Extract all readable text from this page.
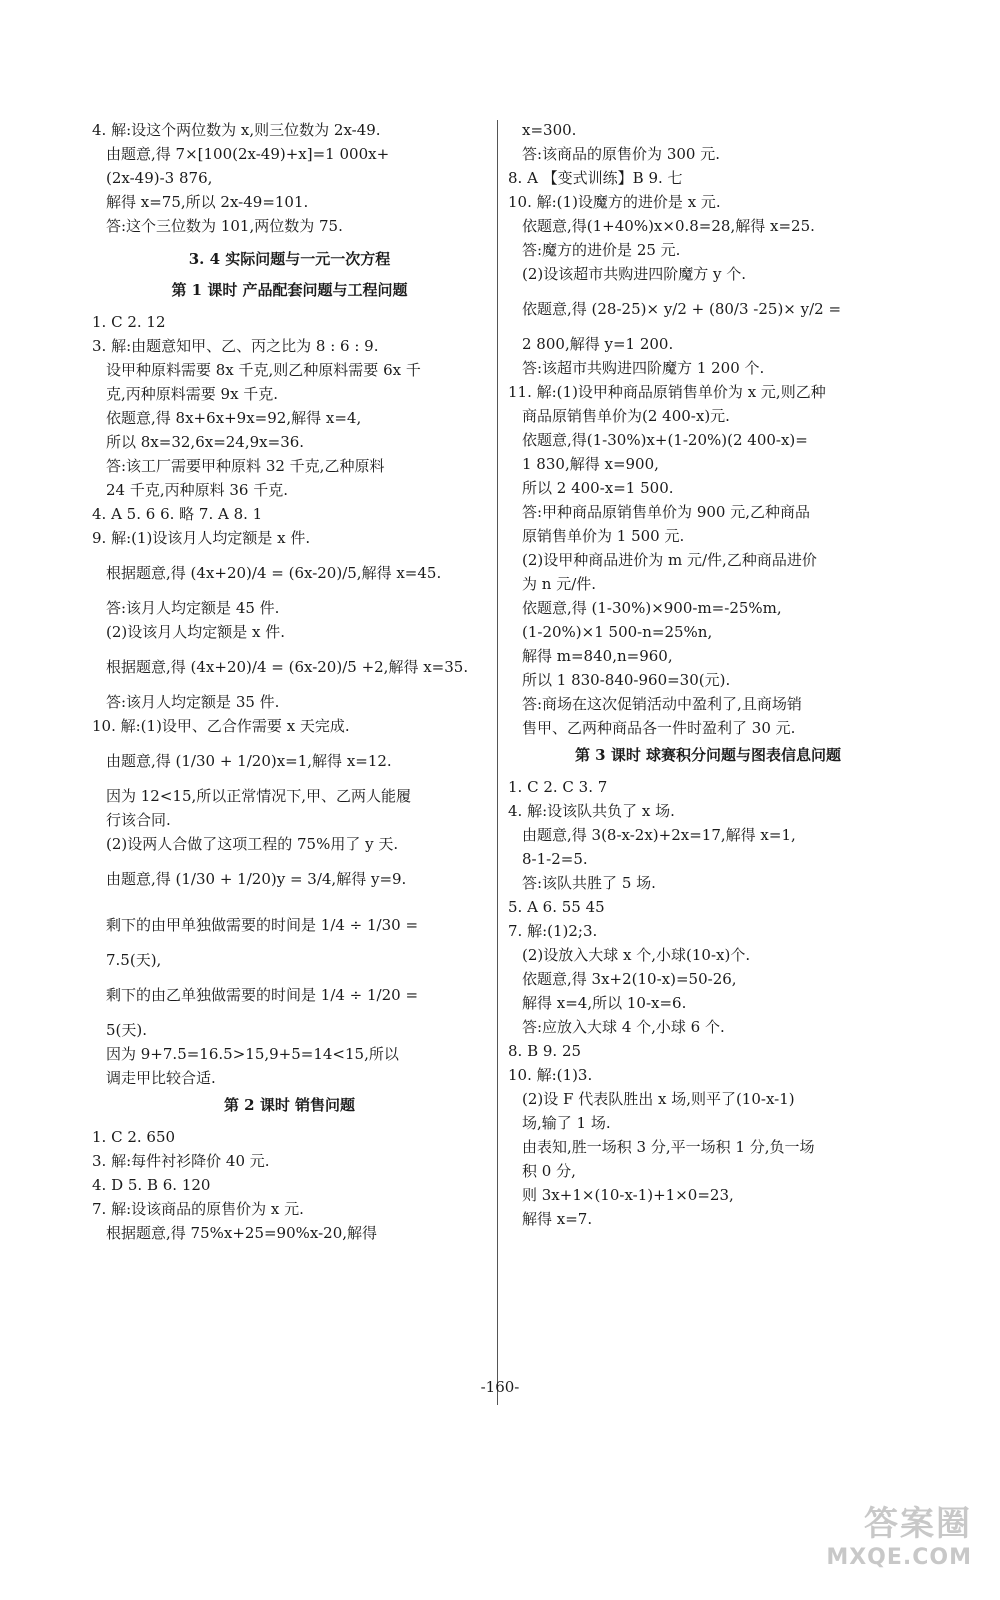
4. 解:设这个两位数为 x,则三位数为 2x-49.
由题意,得 7×[100(2x-49)+x]=1 000x+
(2x-49)-3 876,
解得 x=75,所以 2x-49=101.
答:这个三位数为 101,两位数为 75.
3. 4 实际问题与一元一次方程
第 1 课时 产品配套问题与工程问题
1. C 2. 12
3. 解:由题意知甲、乙、丙之比为 8 : 6 : 9.
设甲种原料需要 8x 千克,则乙种原料需要 6x 千
克,丙种原料需要 9x 千克.
依题意,得 8x+6x+9x=92,解得 x=4,
所以 8x=32,6x=24,9x=36.
答:该工厂需要甲种原料 32 千克,乙种原料
24 千克,丙种原料 36 千克.
4. A 5. 6 6. 略 7. A 8. 1
9. 解:(1)设该月人均定额是 x 件.
根据题意,得 (4x+20)/4 = (6x-20)/5,解得 x=45.
答:该月人均定额是 45 件.
(2)设该月人均定额是 x 件.
根据题意,得 (4x+20)/4 = (6x-20)/5 +2,解得 x=35.
答:该月人均定额是 35 件.
10. 解:(1)设甲、乙合作需要 x 天完成.
由题意,得 (1/30 + 1/20)x=1,解得 x=12.
因为 12<15,所以正常情况下,甲、乙两人能履
行该合同.
(2)设两人合做了这项工程的 75%用了 y 天.
由题意,得 (1/30 + 1/20)y = 3/4,解得 y=9.
剩下的由甲单独做需要的时间是 1/4 ÷ 1/30 =
7.5(天),
剩下的由乙单独做需要的时间是 1/4 ÷ 1/20 =
5(天).
因为 9+7.5=16.5>15,9+5=14<15,所以
调走甲比较合适.
第 2 课时 销售问题
1. C 2. 650
3. 解:每件衬衫降价 40 元.
4. D 5. B 6. 120
7. 解:设该商品的原售价为 x 元.
根据题意,得 75%x+25=90%x-20,解得
x=300.
答:该商品的原售价为 300 元.
8. A 【变式训练】B 9. 七
10. 解:(1)设魔方的进价是 x 元.
依题意,得(1+40%)x×0.8=28,解得 x=25.
答:魔方的进价是 25 元.
(2)设该超市共购进四阶魔方 y 个.
依题意,得 (28-25)× y/2 + (80/3 -25)× y/2 =
2 800,解得 y=1 200.
答:该超市共购进四阶魔方 1 200 个.
11. 解:(1)设甲种商品原销售单价为 x 元,则乙种
商品原销售单价为(2 400-x)元.
依题意,得(1-30%)x+(1-20%)(2 400-x)=
1 830,解得 x=900,
所以 2 400-x=1 500.
答:甲种商品原销售单价为 900 元,乙种商品
原销售单价为 1 500 元.
(2)设甲种商品进价为 m 元/件,乙种商品进价
为 n 元/件.
依题意,得 (1-30%)×900-m=-25%m,
(1-20%)×1 500-n=25%n,
解得 m=840,n=960,
所以 1 830-840-960=30(元).
答:商场在这次促销活动中盈利了,且商场销
售甲、乙两种商品各一件时盈利了 30 元.
第 3 课时 球赛积分问题与图表信息问题
1. C 2. C 3. 7
4. 解:设该队共负了 x 场.
由题意,得 3(8-x-2x)+2x=17,解得 x=1,
8-1-2=5.
答:该队共胜了 5 场.
5. A 6. 55 45
7. 解:(1)2;3.
(2)设放入大球 x 个,小球(10-x)个.
依题意,得 3x+2(10-x)=50-26,
解得 x=4,所以 10-x=6.
答:应放入大球 4 个,小球 6 个.
8. B 9. 25
10. 解:(1)3.
(2)设 F 代表队胜出 x 场,则平了(10-x-1)
场,输了 1 场.
由表知,胜一场积 3 分,平一场积 1 分,负一场
积 0 分,
则 3x+1×(10-x-1)+1×0=23,
解得 x=7.
-160-
答案圈
MXQE.COM
